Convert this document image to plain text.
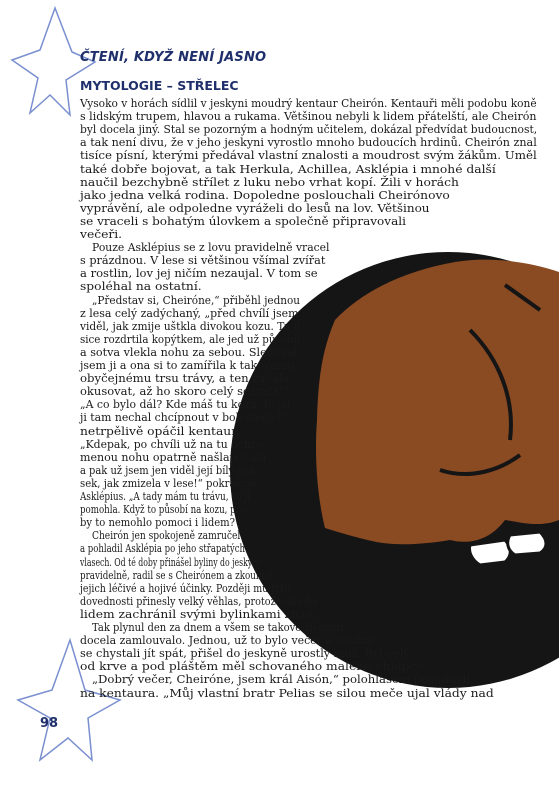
ČTENÍ, KDYŽ NENÍ JASNO
MYTOLOGIE – STŘELEC
Vysoko v horách sídlil v jeskyni moudrý kentaur Cheirón. Kentauři měli podobu koně
s lidským trupem, hlavou a rukama. Většinou nebyli k lidem přátelští, ale Cheirón
byl docela jiný. Stal se pozorným a hodným učitelem, dokázal předvídat budoucnost,
a tak není divu, že v jeho jeskyni vyrostlo mnoho budoucích hrdinů. Cheirón znal
tisíce písní, kterými předával vlastní znalosti a moudrost svým žákům. Uměl
také dobře bojovat, a tak Herkula, Achillea, Asklépia i mnohé další
naučil bezchybně střílet z luku nebo vrhat kopí. Žili v horách
jako jedna velká rodina. Dopoledne poslouchali Cheirónovo
vyprávění, ale odpoledne vyráželi do lesů na lov. Většinou
se vraceli s bohatým úlovkem a společně připravovali
večeři.
Pouze Asklépius se z lovu pravidelně vracel
s prázdnou. V lese si většinou všímal zvířat
a rostlin, lov jej ničím nezaujal. V tom se
spoléhal na ostatní.
„Představ si, Cheiróne,“ přiběhl jednou
z lesa celý zadýchaný, „před chvílí jsem
viděl, jak zmije uštkla divokou kozu. Ta jí
sice rozdrtila kopýtkem, ale jed už působil
a sotva vlekla nohu za sebou. Sledoval
jsem ji a ona si to zamířila k takovému
obyčejnému trsu trávy, a ten začala
okusovat, až ho skoro celý sežrala!“
„A co bylo dál? Kde máš tu kozu, to jsi
ji tam nechal chcípnout v bolestech?“
netrpělivě opáčil kentaur.
„Kdepak, po chvíli už na tu ochro-
menou nohu opatrně našlapovala
a pak už jsem jen viděl její bílý ocá-
sek, jak zmizela v lese!“ pokračuje
Asklépius. „A tady mám tu trávu, co jí
pomohla. Když to působí na kozu, proč
by to nemohlo pomoci i lidem?“
Cheirón jen spokojeně zamručel
a pohladil Asklépia po jeho střapatých
vlasech. Od té doby přinášel byliny do jeskyně
pravidelně, radil se s Cheirónem a zkoumal
jejich léčivé a hojivé účinky. Později mu tyto
dovednosti přinesly velký věhlas, protože mnoha
lidem zachránil svými bylinkami život.
Tak plynul den za dnem a všem se takové živobytí
docela zamlouvalo. Jednou, už to bylo večer a všichni
se chystali jít spát, přišel do jeskyně urostlý muž. Byl celý
od krve a pod pláštěm měl schovaného malého chlapce.
„Dobrý večer, Cheiróne, jsem král Aisón,“ polohlasem promluvil
na kentaura. „Můj vlastní bratr Pelias se silou meče ujal vlády nad
98
